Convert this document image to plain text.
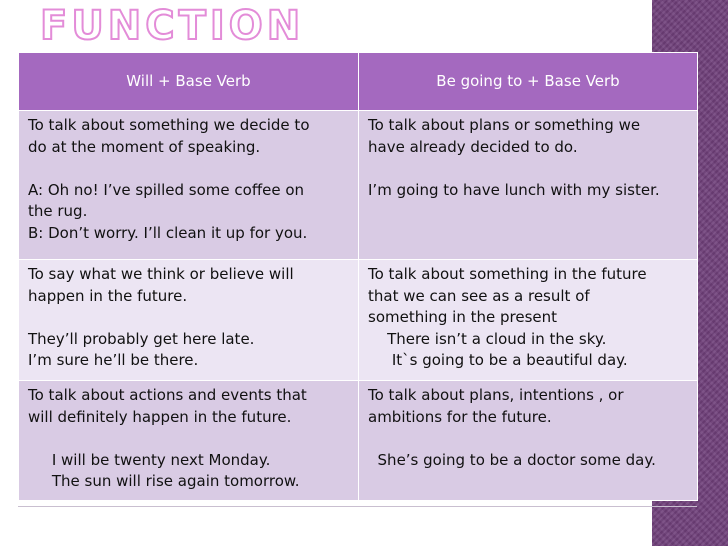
FUNCTION
Will + Base Verb	Be going to + Base Verb

To talk about something we decide to
do at the moment of speaking.
A: Oh no! I’ve spilled some coffee on
the rug.
B: Don’t worry. I’ll clean it up for you.	To talk about plans or something we
have already decided to do.
I’m going to have lunch with my sister.

To say what we think or believe will
happen in the future.
They’ll probably get here late.
I’m sure he’ll be there.	To talk about something in the future
that we can see as a result of
something in the present
There isn’t a cloud in the sky.
It`s going to be a beautiful day.

To talk about actions and events that
will definitely happen in the future.
I will be twenty next Monday.
The sun will rise again tomorrow.	To talk about plans, intentions , or
ambitions for the future.
She’s going to be a doctor some day.
